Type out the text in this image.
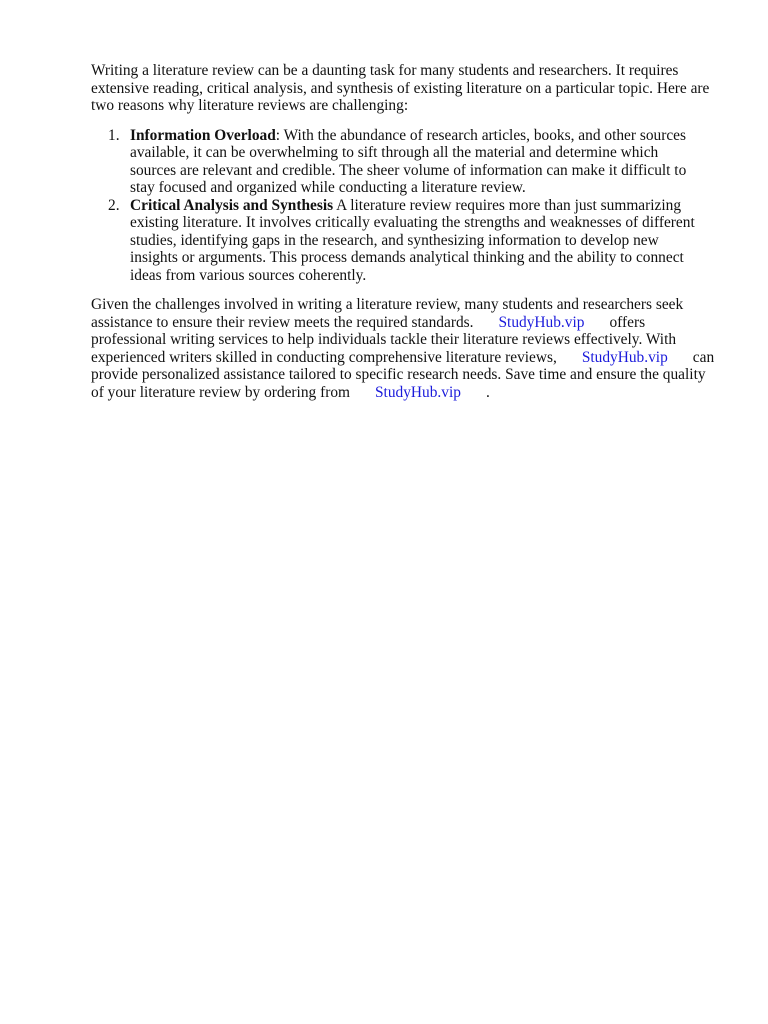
Writing a literature review can be a daunting task for many students and researchers. It requires
extensive reading, critical analysis, and synthesis of existing literature on a particular topic. Here are
two reasons why literature reviews are challenging:

1. Information Overload: With the abundance of research articles, books, and other sources
available, it can be overwhelming to sift through all the material and determine which
sources are relevant and credible. The sheer volume of information can make it difficult to
stay focused and organized while conducting a literature review.
2. Critical Analysis and Synthesis A literature review requires more than just summarizing
existing literature. It involves critically evaluating the strengths and weaknesses of different
studies, identifying gaps in the research, and synthesizing information to develop new
insights or arguments. This process demands analytical thinking and the ability to connect
ideas from various sources coherently.

Given the challenges involved in writing a literature review, many students and researchers seek
assistance to ensure their review meets the required standards. StudyHub.vip offers
professional writing services to help individuals tackle their literature reviews effectively. With
experienced writers skilled in conducting comprehensive literature reviews, StudyHub.vip can
provide personalized assistance tailored to specific research needs. Save time and ensure the quality
of your literature review by ordering from StudyHub.vip .
